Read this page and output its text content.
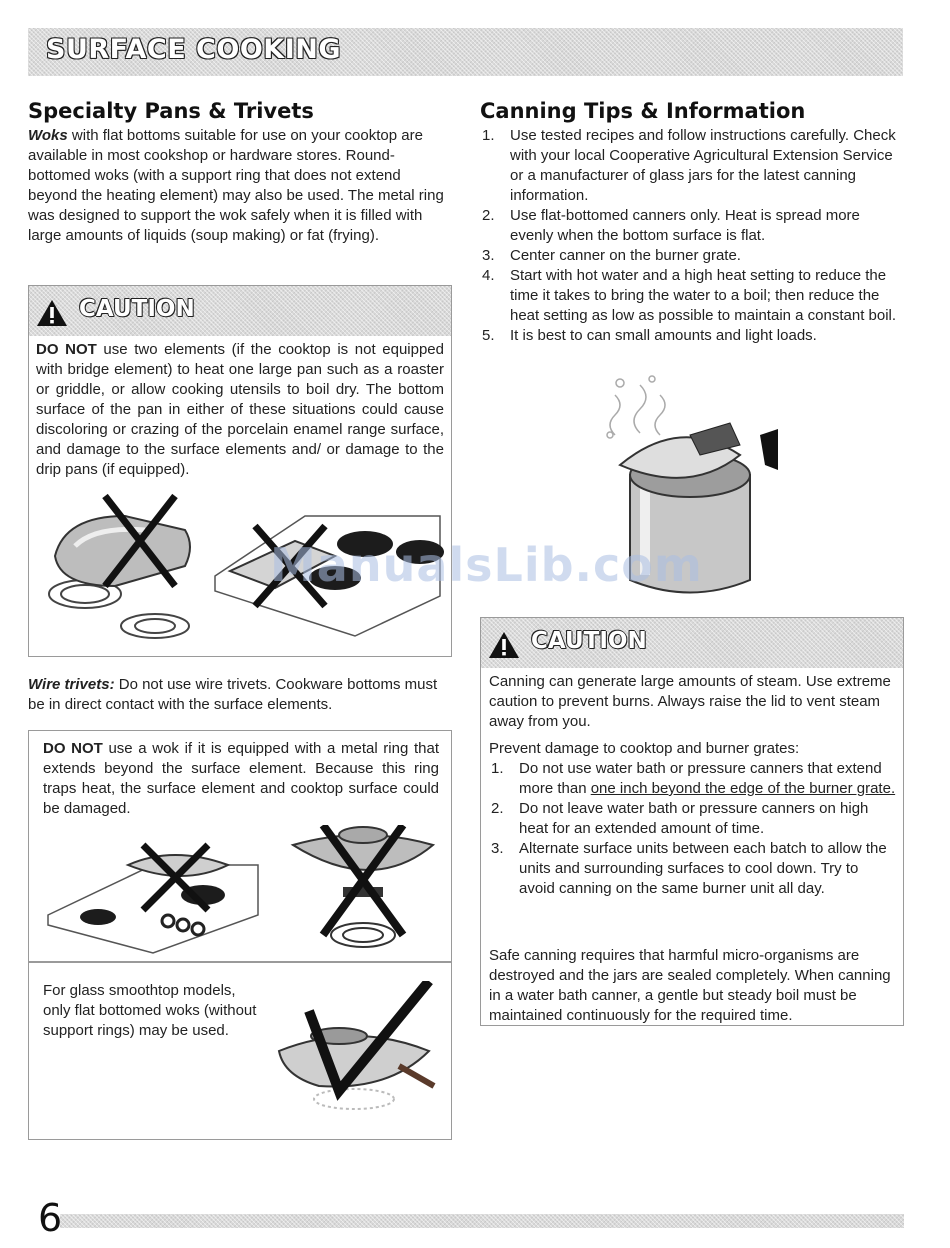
SURFACE COOKING
Specialty Pans & Trivets

Woks with flat bottoms suitable for use on your cooktop are available in most cookshop or hardware stores. Round-bottomed woks (with a support ring that does not extend beyond the heating element) may also be used. The metal ring was designed to support the wok safely when it is filled with large amounts of liquids (soup making) or fat (frying).

CAUTION

DO NOT use two elements (if the cooktop is not equipped with bridge element) to heat one large pan such as a roaster or griddle, or allow cooking utensils to boil dry. The bottom surface of the pan in either of these situations could cause discoloring or crazing of the porcelain enamel range surface, and damage to the surface elements and/ or damage to the drip pans (if equipped).

Wire trivets: Do not use wire trivets. Cookware bottoms must be in direct contact with the surface elements.

DO NOT use a wok if it is equipped with a metal ring that extends beyond the surface element. Because this ring traps heat, the surface element and cooktop surface could be damaged.

For glass smoothtop models, only flat bottomed woks (without support rings) may be used.

Canning Tips & Information
1. Use tested recipes and follow instructions carefully. Check with your local Cooperative Agricultural Extension Service or a manufacturer of glass jars for the latest canning information.
2. Use flat-bottomed canners only. Heat is spread more evenly when the bottom surface is flat.
3. Center canner on the burner grate.
4. Start with hot water and a high heat setting to reduce the time it takes to bring the water to a boil; then reduce the heat setting as low as possible to maintain a constant boil.
5. It is best to can small amounts and light loads.
CAUTION

Canning can generate large amounts of steam. Use extreme caution to prevent burns. Always raise the lid to vent steam away from you.

Prevent damage to cooktop and burner grates:

1. Do not use water bath or pressure canners that extend more than one inch beyond the edge of the burner grate.
2. Do not leave water bath or pressure canners on high heat for an extended amount of time.
3. Alternate surface units between each batch to allow the units and surrounding surfaces to cool down. Try to avoid canning on the same burner unit all day.

Safe canning requires that harmful micro-organisms are destroyed and the jars are sealed completely. When canning in a water bath canner, a gentle but steady boil must be maintained continuously for the required time.

ManualsLib.com
6
